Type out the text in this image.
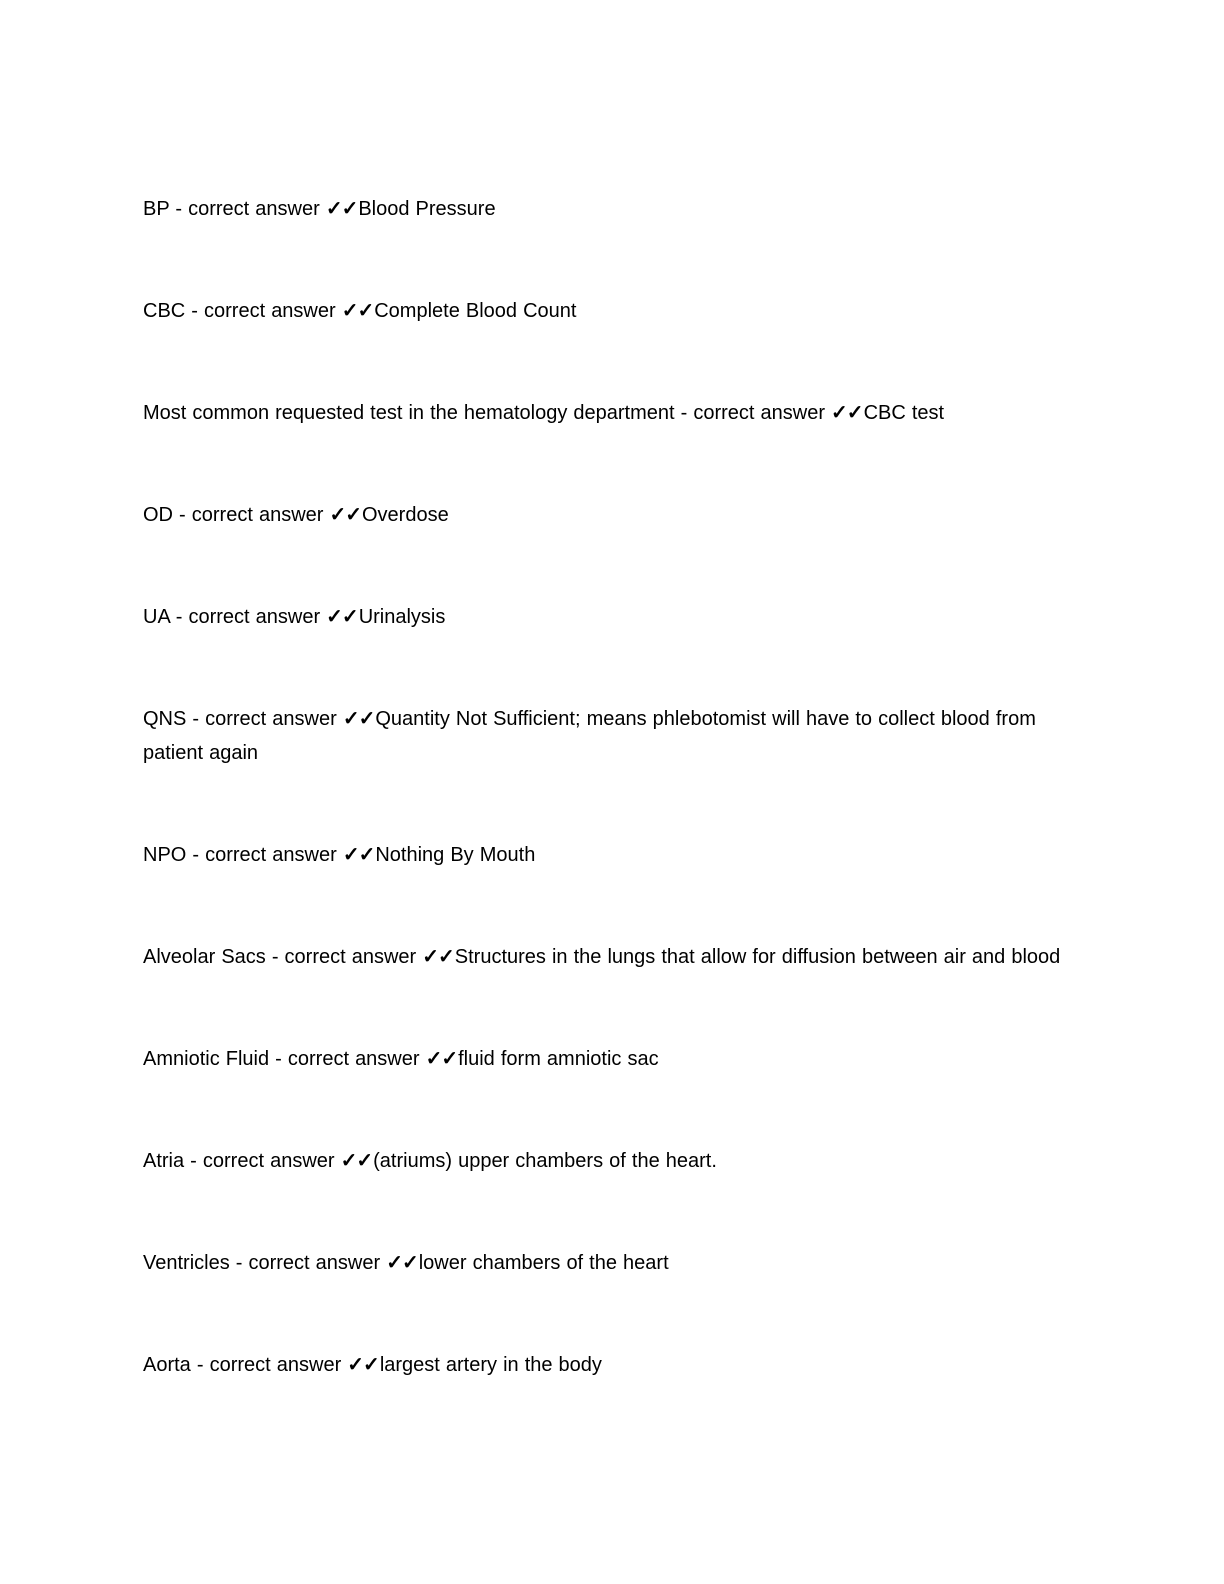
BP - correct answer ✓✓Blood Pressure

CBC - correct answer ✓✓Complete Blood Count

Most common requested test in the hematology department - correct answer ✓✓CBC test

OD - correct answer ✓✓Overdose

UA - correct answer ✓✓Urinalysis

QNS - correct answer ✓✓Quantity Not Sufficient; means phlebotomist will have to collect blood from patient again

NPO - correct answer ✓✓Nothing By Mouth

Alveolar Sacs - correct answer ✓✓Structures in the lungs that allow for diffusion between air and blood

Amniotic Fluid - correct answer ✓✓fluid form amniotic sac

Atria - correct answer ✓✓(atriums) upper chambers of the heart.

Ventricles - correct answer ✓✓lower chambers of the heart

Aorta - correct answer ✓✓largest artery in the body
